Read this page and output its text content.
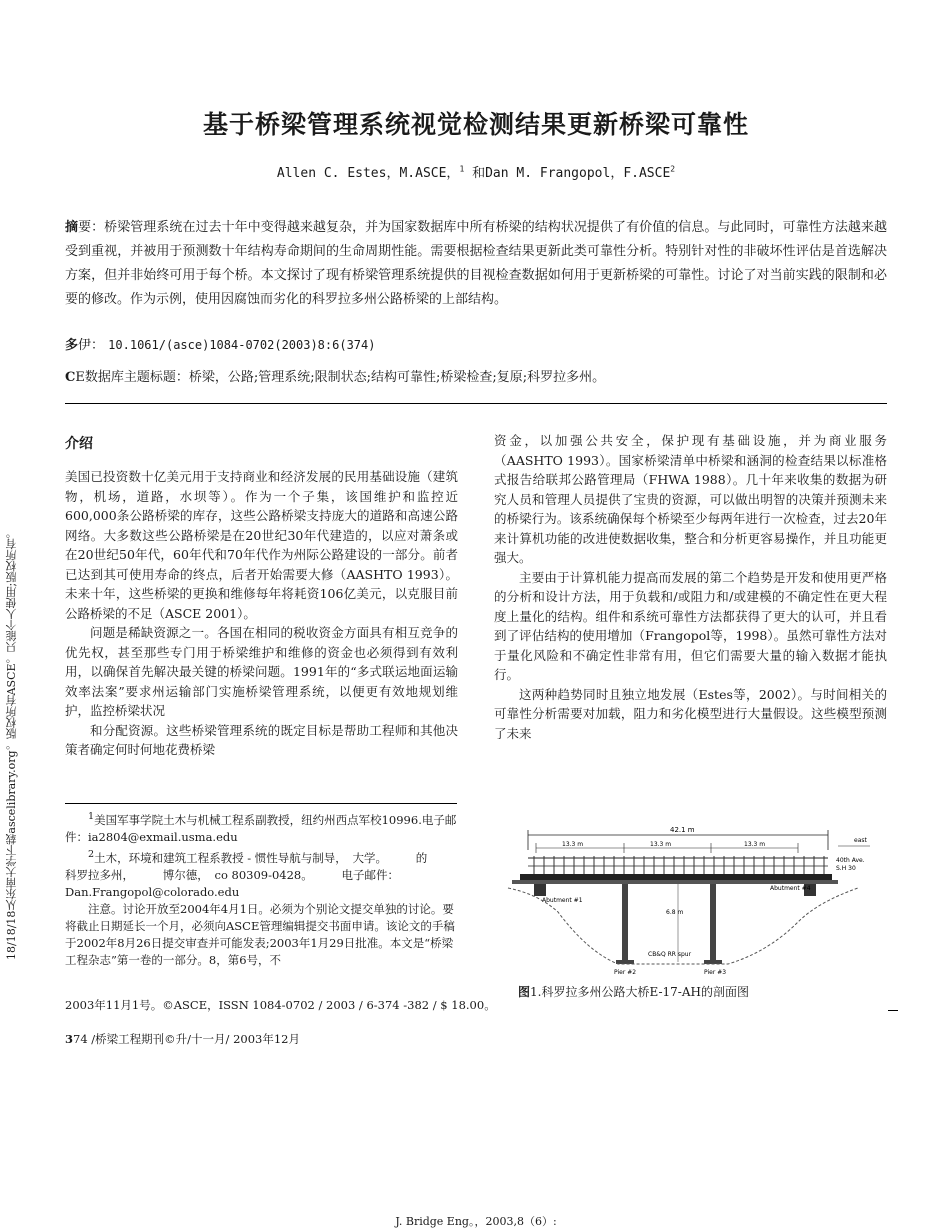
基于桥梁管理系统视觉检测结果更新桥梁可靠性
Allen C. Estes，M.ASCE，$^1$ 和Dan M. Frangopol，F.ASCE$^2$
摘要：桥梁管理系统在过去十年中变得越来越复杂，并为国家数据库中所有桥梁的结构状况提供了有价值的信息。与此同时，可靠性方法越来越受到重视，并被用于预测数十年结构寿命期间的生命周期性能。需要根据检查结果更新此类可靠性分析。特别针对性的非破坏性评估是首选解决方案，但并非始终可用于每个桥。本文探讨了现有桥梁管理系统提供的目视检查数据如何用于更新桥梁的可靠性。讨论了对当前实践的限制和必要的修改。作为示例，使用因腐蚀而劣化的科罗拉多州公路桥梁的上部结构。
多伊： 10.1061/(asce)1084-0702(2003)8:6(374)
CE数据库主题标题：桥梁，公路;管理系统;限制状态;结构可靠性;桥梁检查;复原;科罗拉多州。
介绍

美国已投资数十亿美元用于支持商业和经济发展的民用基础设施（建筑物，机场，道路，水坝等）。作为一个子集，该国维护和监控近600,000条公路桥梁的库存，这些公路桥梁支持庞大的道路和高速公路网络。大多数这些公路桥梁是在20世纪30年代建造的，以应对萧条或在20世纪50年代，60年代和70年代作为州际公路建设的一部分。前者已达到其可使用寿命的终点，后者开始需要大修（AASHTO 1993）。未来十年，这些桥梁的更换和维修每年将耗资106亿美元，以克服目前公路桥梁的不足（ASCE 2001）。

问题是稀缺资源之一。各国在相同的税收资金方面具有相互竞争的优先权，甚至那些专门用于桥梁维护和维修的资金也必须得到有效利用，以确保首先解决最关键的桥梁问题。1991年的“多式联运地面运输效率法案”要求州运输部门实施桥梁管理系统，以便更有效地规划维护，监控桥梁状况

和分配资源。这些桥梁管理系统的既定目标是帮助工程师和其他决策者确定何时何地花费桥梁

资金，以加强公共安全，保护现有基础设施，并为商业服务（AASHTO 1993）。国家桥梁清单中桥梁和涵洞的检查结果以标准格式报告给联邦公路管理局（FHWA 1988）。几十年来收集的数据为研究人员和管理人员提供了宝贵的资源，可以做出明智的决策并预测未来的桥梁行为。该系统确保每个桥梁至少每两年进行一次检查，过去20年来计算机功能的改进使数据收集，整合和分析更容易操作，并且功能更强大。

主要由于计算机能力提高而发展的第二个趋势是开发和使用更严格的分析和设计方法，用于负载和/或阻力和/或建模的不确定性在更大程度上量化的结构。组件和系统可靠性方法都获得了更大的认可，并且看到了评估结构的使用增加（Frangopol等，1998）。虽然可靠性方法对于量化风险和不确定性非常有用，但它们需要大量的输入数据才能执行。

这两种趋势同时且独立地发展（Estes等，2002）。与时间相关的可靠性分析需要对加载，阻力和劣化模型进行大量假设。这些模型预测了未来

18/18/18从东南大学下载ascelibrary.org。版权所有ASCE。只能个人使用;版权所有。	$^1$美国军事学院土木与机械工程系副教授，纽约州西点军校10996.电子邮件：ia2804@exmail.usma.edu

$^2$土木，环境和建筑工程系教授 - 惯性导航与制导，　大学。　　　的　　　　科罗拉多州，　　　博尔德，　co 80309-0428。　　　电子邮件：Dan.Frangopol@colorado.edu

注意。讨论开放至2004年4月1日。必须为个别论文提交单独的讨论。要将截止日期延长一个月，必须向ASCE管理编辑提交书面申请。该论文的手稿于2002年8月26日提交审查并可能发表;2003年1月29日批准。本文是“桥梁工程杂志”第一卷的一部分。8，第6号，不

2003年11月1号。©ASCE，ISSN 1084-0702 / 2003 / 6-374 -382 / $ 18.00。
374 /桥梁工程期刊©升/十一月/ 2003年12月
42.1 m
13.3 m	13.3 m	13.3 m
east
40th Ave.
S.H 30
Abutment #1
Abutment #4
6.8 m
CB&Q RR spur
Pier #2	Pier #3
图1.科罗拉多州公路大桥E-17-AH的剖面图
J. Bridge Eng。，2003,8（6）:
